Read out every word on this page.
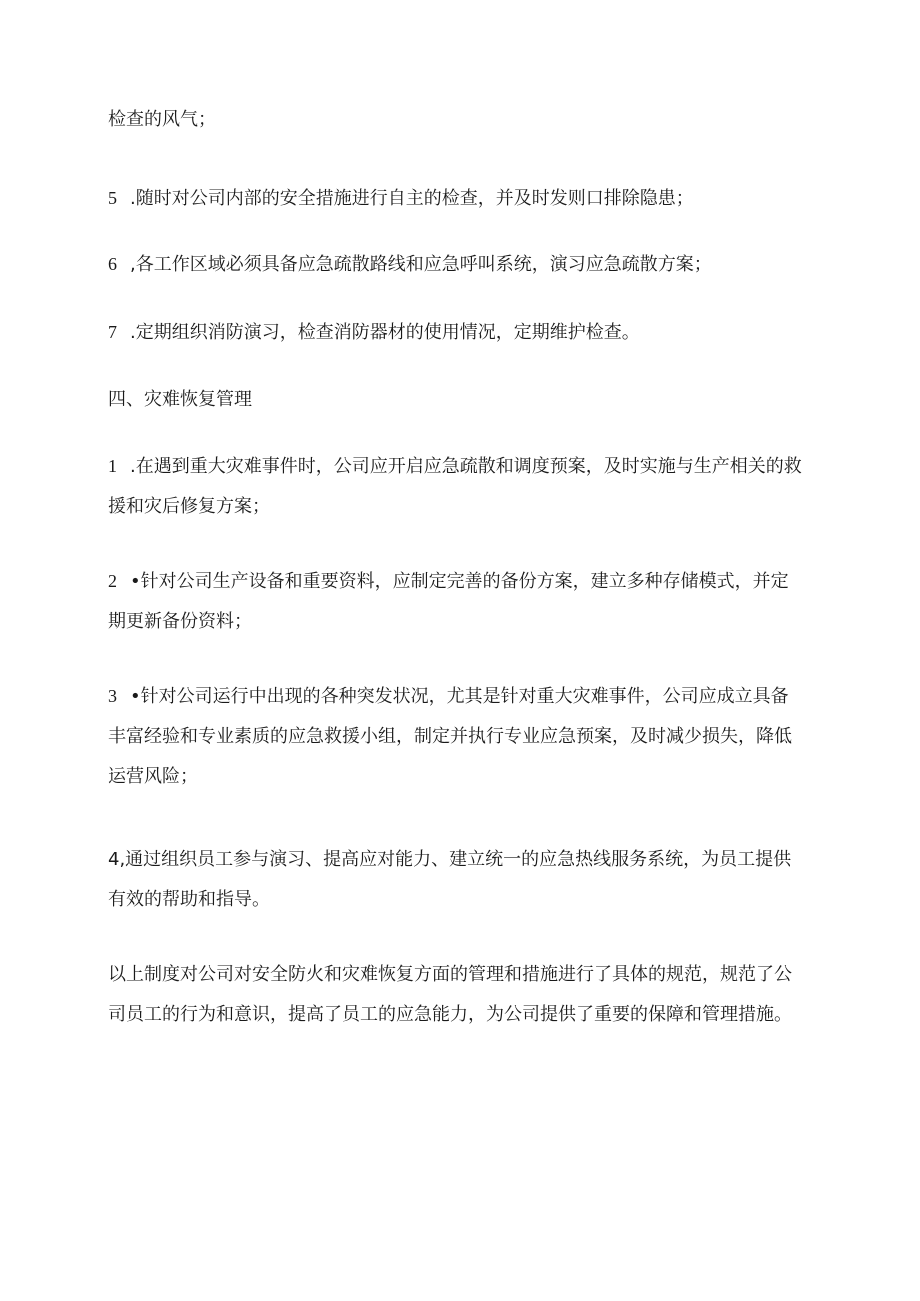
检查的风气；

5 .随时对公司内部的安全措施进行自主的检查，并及时发则口排除隐患；

6 ,各工作区域必须具备应急疏散路线和应急呼叫系统，演习应急疏散方案；

7 .定期组织消防演习，检查消防器材的使用情况，定期维护检查。

四、灾难恢复管理

1 .在遇到重大灾难事件时，公司应开启应急疏散和调度预案，及时实施与生产相关的救
援和灾后修复方案；

2 •针对公司生产设备和重要资料，应制定完善的备份方案，建立多种存储模式，并定
期更新备份资料；

3 •针对公司运行中出现的各种突发状况，尤其是针对重大灾难事件，公司应成立具备
丰富经验和专业素质的应急救援小组，制定并执行专业应急预案，及时减少损失，降低
运营风险；

4,通过组织员工参与演习、提高应对能力、建立统一的应急热线服务系统，为员工提供
有效的帮助和指导。

以上制度对公司对安全防火和灾难恢复方面的管理和措施进行了具体的规范，规范了公
司员工的行为和意识，提高了员工的应急能力，为公司提供了重要的保障和管理措施。
